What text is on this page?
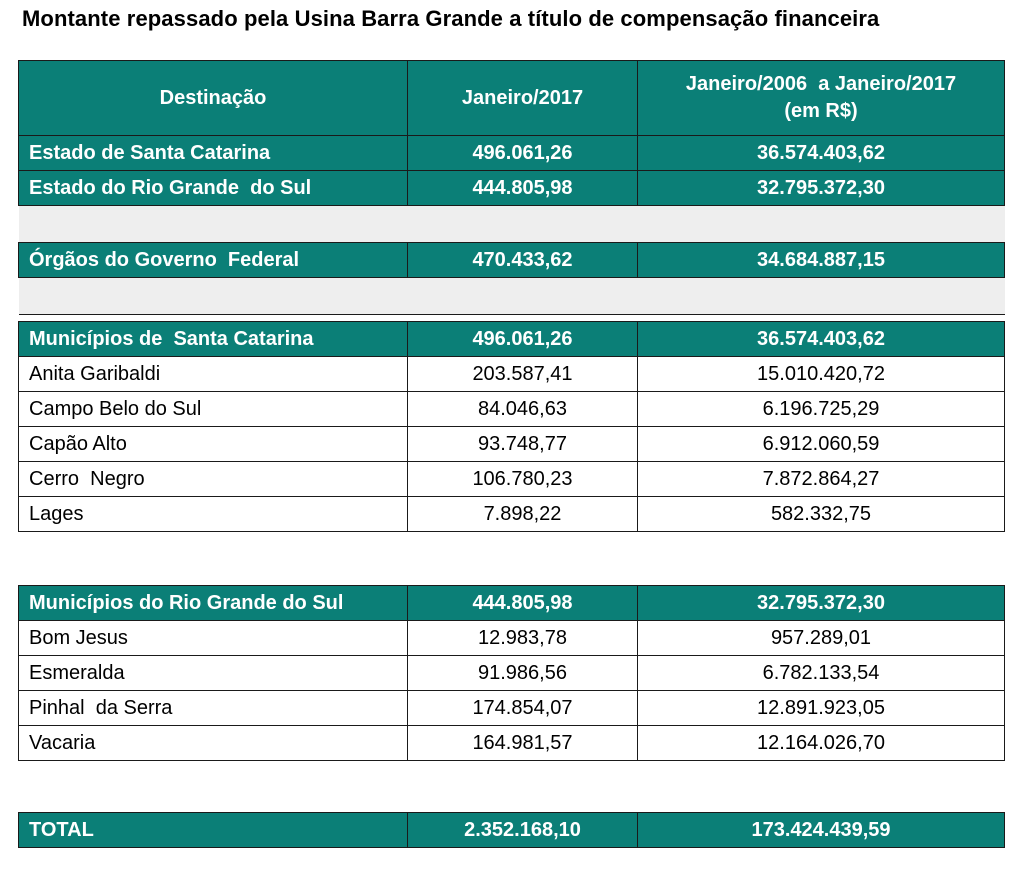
Montante repassado pela Usina Barra Grande a título de compensação financeira
Destinação	Janeiro/2017	Janeiro/2006  a Janeiro/2017
(em R$)
Estado de Santa Catarina	496.061,26	36.574.403,62
Estado do Rio Grande  do Sul	444.805,98	32.795.372,30

Órgãos do Governo  Federal	470.433,62	34.684.887,15

Municípios de  Santa Catarina	496.061,26	36.574.403,62
Anita Garibaldi	203.587,41	15.010.420,72
Campo Belo do Sul	84.046,63	6.196.725,29
Capão Alto	93.748,77	6.912.060,59
Cerro  Negro	106.780,23	7.872.864,27
Lages	7.898,22	582.332,75
Municípios do Rio Grande do Sul	444.805,98	32.795.372,30
Bom Jesus	12.983,78	957.289,01
Esmeralda	91.986,56	6.782.133,54
Pinhal  da Serra	174.854,07	12.891.923,05
Vacaria	164.981,57	12.164.026,70
TOTAL	2.352.168,10	173.424.439,59
